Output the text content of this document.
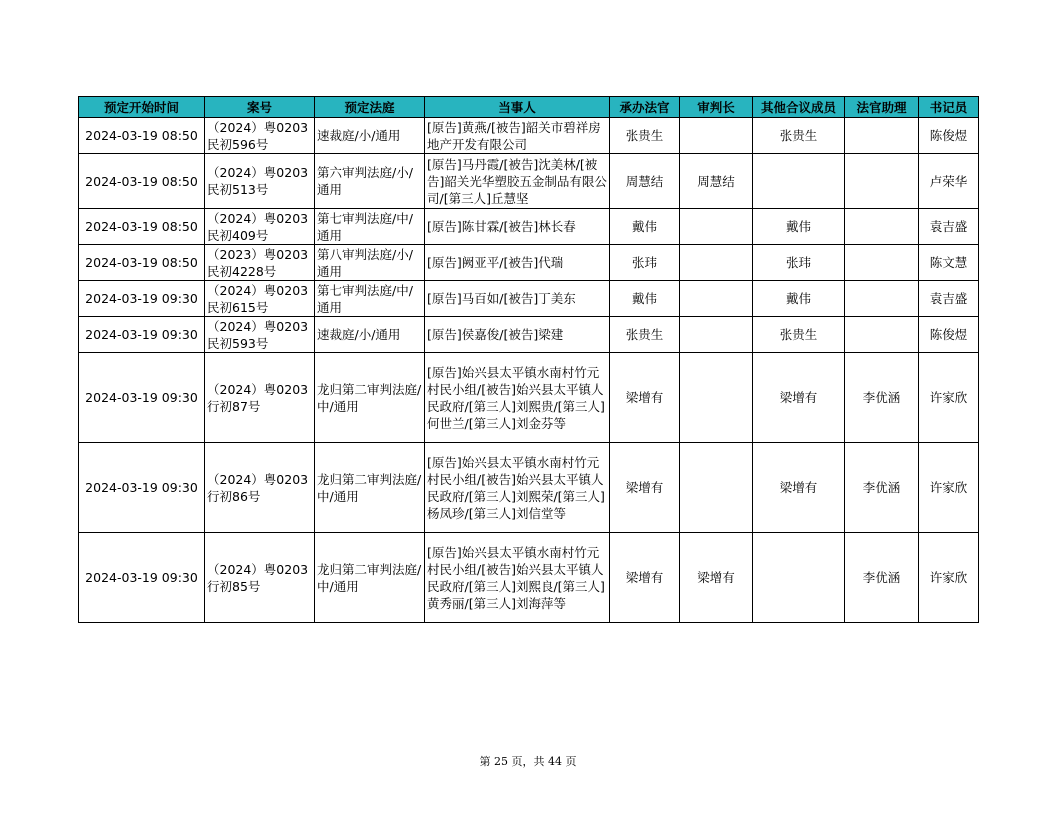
预定开始时间	案号	预定法庭	当事人	承办法官	审判长	其他合议成员	法官助理	书记员
2024-03-19 08:50	（2024）粤0203民初596号	速裁庭/小/通用	[原告]黄燕/[被告]韶关市碧祥房地产开发有限公司	张贵生		张贵生		陈俊煜
2024-03-19 08:50	（2024）粤0203民初513号	第六审判法庭/小/通用	[原告]马丹霞/[被告]沈美林/[被告]韶关光华塑胶五金制品有限公司/[第三人]丘慧坚	周慧结	周慧结			卢荣华
2024-03-19 08:50	（2024）粤0203民初409号	第七审判法庭/中/通用	[原告]陈甘霖/[被告]林长春	戴伟		戴伟		袁吉盛
2024-03-19 08:50	（2023）粤0203民初4228号	第八审判法庭/小/通用	[原告]阙亚平/[被告]代瑞	张玮		张玮		陈文慧
2024-03-19 09:30	（2024）粤0203民初615号	第七审判法庭/中/通用	[原告]马百如/[被告]丁美东	戴伟		戴伟		袁吉盛
2024-03-19 09:30	（2024）粤0203民初593号	速裁庭/小/通用	[原告]侯嘉俊/[被告]梁建	张贵生		张贵生		陈俊煜
2024-03-19 09:30	（2024）粤0203行初87号	龙归第二审判法庭/中/通用	[原告]始兴县太平镇水南村竹元村民小组/[被告]始兴县太平镇人民政府/[第三人]刘熙贵/[第三人]何世兰/[第三人]刘金芬等	梁增有		梁增有	李优涵	许家欣
2024-03-19 09:30	（2024）粤0203行初86号	龙归第二审判法庭/中/通用	[原告]始兴县太平镇水南村竹元村民小组/[被告]始兴县太平镇人民政府/[第三人]刘熙荣/[第三人]杨凤珍/[第三人]刘信堂等	梁增有		梁增有	李优涵	许家欣
2024-03-19 09:30	（2024）粤0203行初85号	龙归第二审判法庭/中/通用	[原告]始兴县太平镇水南村竹元村民小组/[被告]始兴县太平镇人民政府/[第三人]刘熙良/[第三人]黄秀丽/[第三人]刘海萍等	梁增有	梁增有		李优涵	许家欣
第 25 页，共 44 页
